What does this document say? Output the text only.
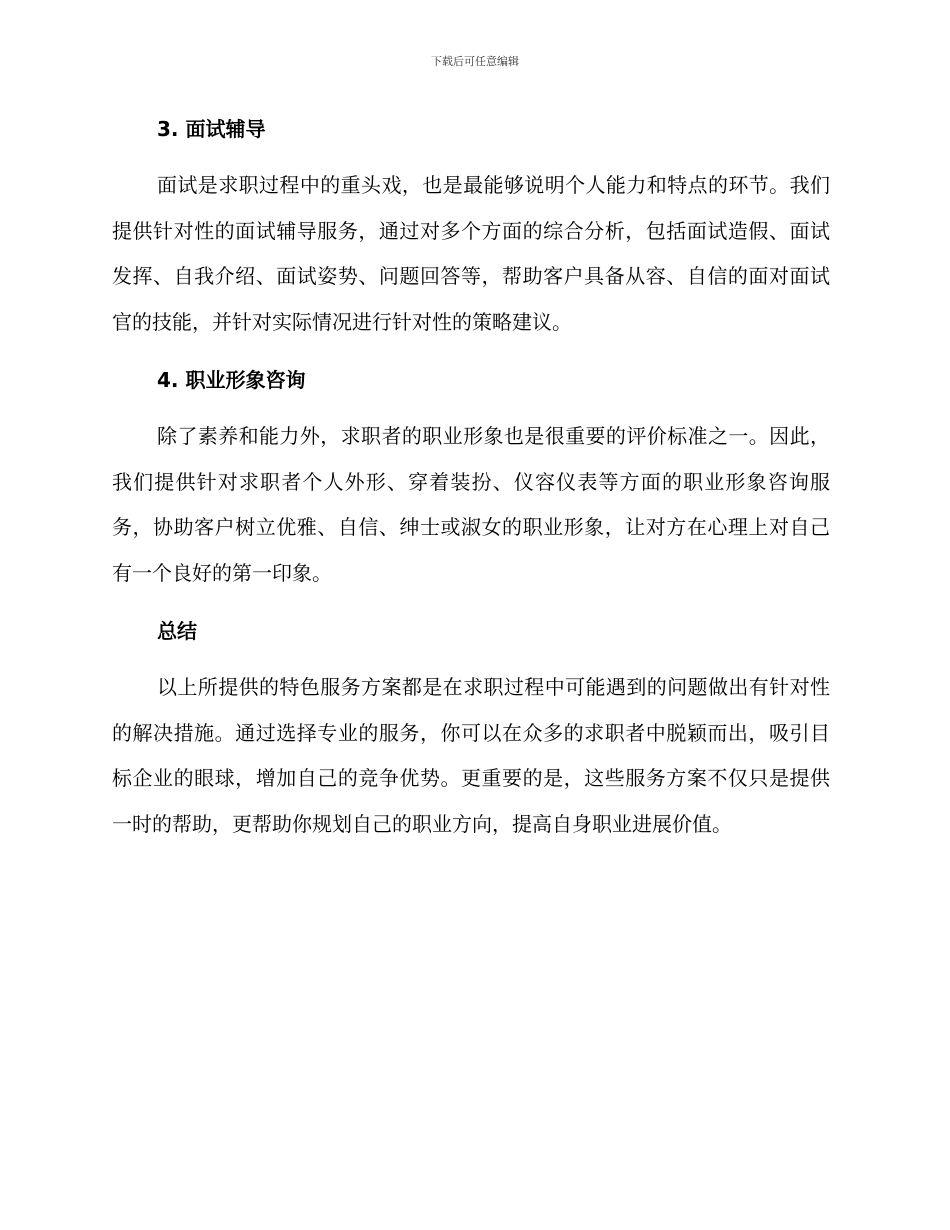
下载后可任意编辑
3. 面试辅导

面试是求职过程中的重头戏，也是最能够说明个人能力和特点的环节。我们提供针对性的面试辅导服务，通过对多个方面的综合分析，包括面试造假、面试发挥、自我介绍、面试姿势、问题回答等，帮助客户具备从容、自信的面对面试官的技能，并针对实际情况进行针对性的策略建议。

4. 职业形象咨询

除了素养和能力外，求职者的职业形象也是很重要的评价标准之一。因此，我们提供针对求职者个人外形、穿着装扮、仪容仪表等方面的职业形象咨询服务，协助客户树立优雅、自信、绅士或淑女的职业形象，让对方在心理上对自己有一个良好的第一印象。

总结

以上所提供的特色服务方案都是在求职过程中可能遇到的问题做出有针对性的解决措施。通过选择专业的服务，你可以在众多的求职者中脱颖而出，吸引目标企业的眼球，增加自己的竞争优势。更重要的是，这些服务方案不仅只是提供一时的帮助，更帮助你规划自己的职业方向，提高自身职业进展价值。
